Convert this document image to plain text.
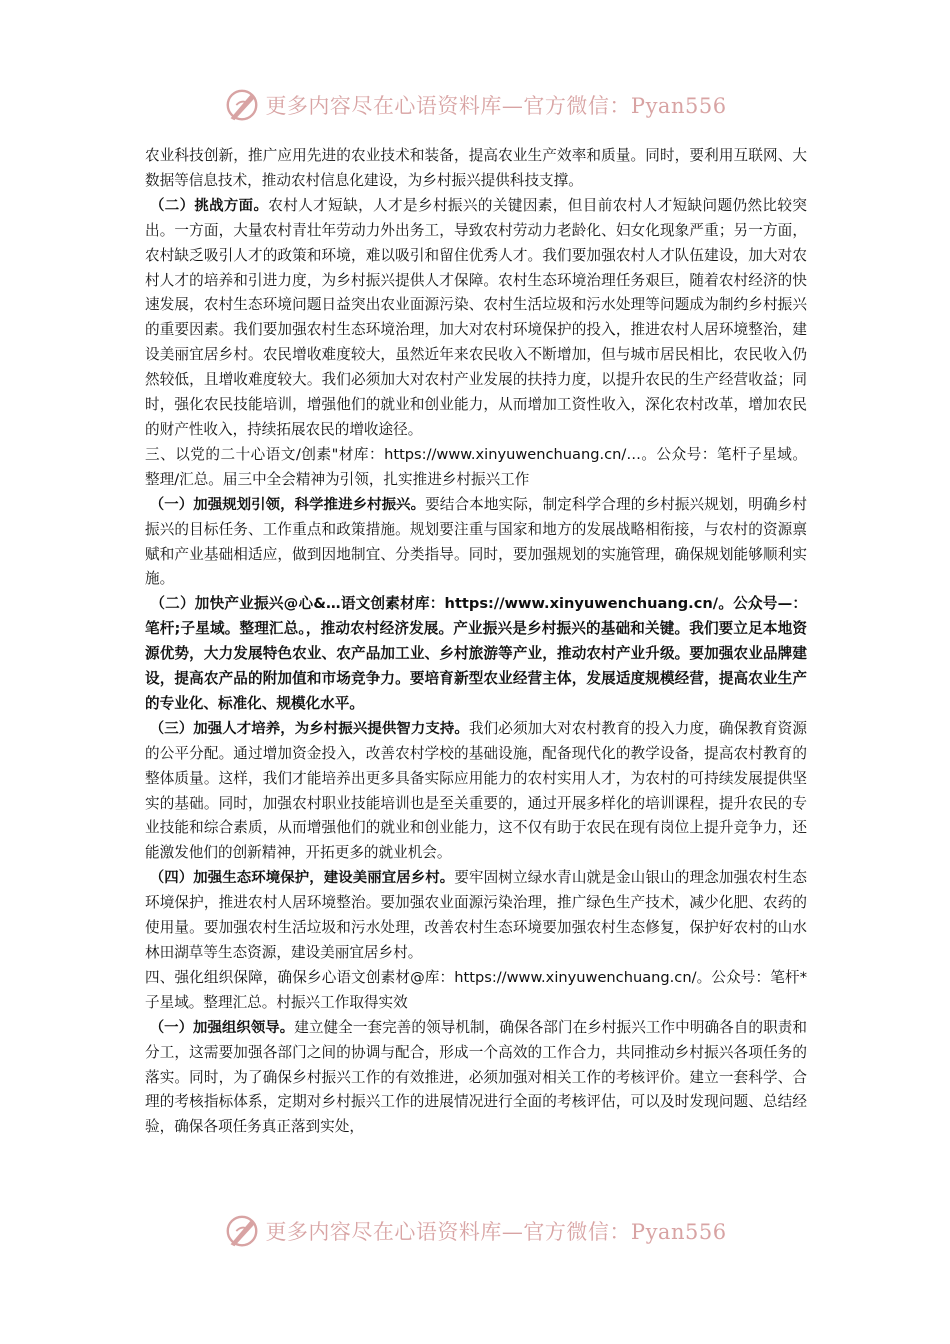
更多内容尽在心语资料库—官方微信：Pyan556

农业科技创新，推广应用先进的农业技术和装备，提高农业生产效率和质量。同时，要利用互联网、大数据等信息技术，推动农村信息化建设，为乡村振兴提供科技支撑。

（二）挑战方面。农村人才短缺，人才是乡村振兴的关键因素，但目前农村人才短缺问题仍然比较突出。一方面，大量农村青壮年劳动力外出务工，导致农村劳动力老龄化、妇女化现象严重；另一方面，农村缺乏吸引人才的政策和环境，难以吸引和留住优秀人才。我们要加强农村人才队伍建设，加大对农村人才的培养和引进力度，为乡村振兴提供人才保障。农村生态环境治理任务艰巨，随着农村经济的快速发展，农村生态环境问题日益突出农业面源污染、农村生活垃圾和污水处理等问题成为制约乡村振兴的重要因素。我们要加强农村生态环境治理，加大对农村环境保护的投入，推进农村人居环境整治，建设美丽宜居乡村。农民增收难度较大，虽然近年来农民收入不断增加，但与城市居民相比，农民收入仍然较低，且增收难度较大。我们必须加大对农村产业发展的扶持力度，以提升农民的生产经营收益；同时，强化农民技能培训，增强他们的就业和创业能力，从而增加工资性收入，深化农村改革，增加农民的财产性收入，持续拓展农民的增收途径。

三、以党的二十心语文/创素"材库：https://www.xinyuwenchuang.cn/…。公众号：笔杆子星域。整理/汇总。届三中全会精神为引领，扎实推进乡村振兴工作

（一）加强规划引领，科学推进乡村振兴。要结合本地实际，制定科学合理的乡村振兴规划，明确乡村振兴的目标任务、工作重点和政策措施。规划要注重与国家和地方的发展战略相衔接，与农村的资源禀赋和产业基础相适应，做到因地制宜、分类指导。同时，要加强规划的实施管理，确保规划能够顺利实施。

（二）加快产业振兴@心&…语文创素材库：https://www.xinyuwenchuang.cn/。公众号—：笔杆;子星域。整理汇总。，推动农村经济发展。产业振兴是乡村振兴的基础和关键。我们要立足本地资源优势，大力发展特色农业、农产品加工业、乡村旅游等产业，推动农村产业升级。要加强农业品牌建设，提高农产品的附加值和市场竞争力。要培育新型农业经营主体，发展适度规模经营，提高农业生产的专业化、标准化、规模化水平。

（三）加强人才培养，为乡村振兴提供智力支持。我们必须加大对农村教育的投入力度，确保教育资源的公平分配。通过增加资金投入，改善农村学校的基础设施，配备现代化的教学设备，提高农村教育的整体质量。这样，我们才能培养出更多具备实际应用能力的农村实用人才，为农村的可持续发展提供坚实的基础。同时，加强农村职业技能培训也是至关重要的，通过开展多样化的培训课程，提升农民的专业技能和综合素质，从而增强他们的就业和创业能力，这不仅有助于农民在现有岗位上提升竞争力，还能激发他们的创新精神，开拓更多的就业机会。

（四）加强生态环境保护，建设美丽宜居乡村。要牢固树立绿水青山就是金山银山的理念加强农村生态环境保护，推进农村人居环境整治。要加强农业面源污染治理，推广绿色生产技术，减少化肥、农药的使用量。要加强农村生活垃圾和污水处理，改善农村生态环境要加强农村生态修复，保护好农村的山水林田湖草等生态资源，建设美丽宜居乡村。

四、强化组织保障，确保乡心语文创素材@库：https://www.xinyuwenchuang.cn/。公众号：笔杆*子星域。整理汇总。村振兴工作取得实效

（一）加强组织领导。建立健全一套完善的领导机制，确保各部门在乡村振兴工作中明确各自的职责和分工，这需要加强各部门之间的协调与配合，形成一个高效的工作合力，共同推动乡村振兴各项任务的落实。同时，为了确保乡村振兴工作的有效推进，必须加强对相关工作的考核评价。建立一套科学、合理的考核指标体系，定期对乡村振兴工作的进展情况进行全面的考核评估，可以及时发现问题、总结经验，确保各项任务真正落到实处，

更多内容尽在心语资料库—官方微信：Pyan556
